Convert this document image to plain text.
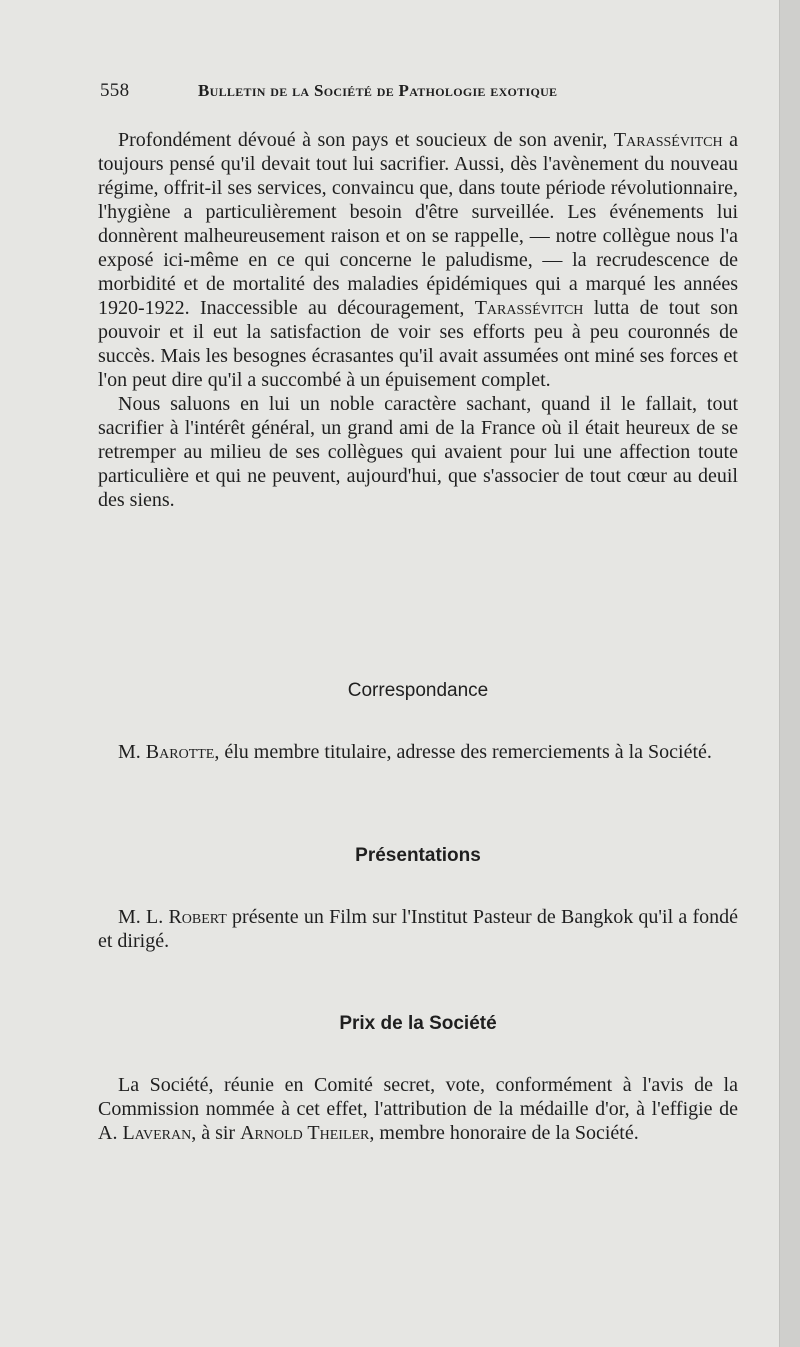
558	Bulletin de la Société de Pathologie exotique

Profondément dévoué à son pays et soucieux de son avenir, Tarassévitch a toujours pensé qu'il devait tout lui sacrifier. Aussi, dès l'avènement du nouveau régime, offrit-il ses services, convaincu que, dans toute période révolutionnaire, l'hygiène a particulièrement besoin d'être surveillée. Les événements lui donnèrent malheureusement raison et on se rappelle, — notre collègue nous l'a exposé ici-même en ce qui concerne le paludisme, — la recrudescence de morbidité et de mortalité des maladies épidémiques qui a marqué les années 1920-1922. Inaccessible au découragement, Tarassévitch lutta de tout son pouvoir et il eut la satisfaction de voir ses efforts peu à peu couronnés de succès. Mais les besognes écrasantes qu'il avait assumées ont miné ses forces et l'on peut dire qu'il a succombé à un épuisement complet.

Nous saluons en lui un noble caractère sachant, quand il le fallait, tout sacrifier à l'intérêt général, un grand ami de la France où il était heureux de se retremper au milieu de ses collègues qui avaient pour lui une affection toute particulière et qui ne peuvent, aujourd'hui, que s'associer de tout cœur au deuil des siens.

Correspondance

M. Barotte, élu membre titulaire, adresse des remerciements à la Société.

Présentations

M. L. Robert présente un Film sur l'Institut Pasteur de Bangkok qu'il a fondé et dirigé.

Prix de la Société

La Société, réunie en Comité secret, vote, conformément à l'avis de la Commission nommée à cet effet, l'attribution de la médaille d'or, à l'effigie de A. Laveran, à sir Arnold Theiler, membre honoraire de la Société.
